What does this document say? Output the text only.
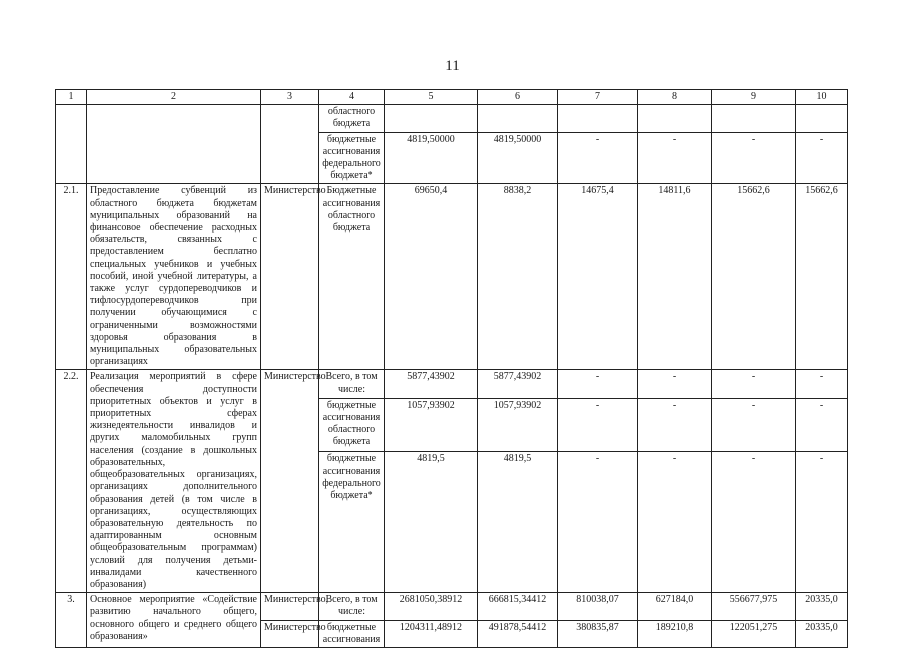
11
1	2	3	4	5	6	7	8	9	10
			областного бюджета						
			бюджетные ассигнования федерального бюджета*	4819,50000	4819,50000	-	-	-	-
2.1.	Предоставление субвенций из областного бюджета бюджетам муниципальных образований на финансовое обеспечение расходных обязательств, связанных с предоставлением бесплатно специальных учебников и учебных пособий, иной учебной литературы, а также услуг сурдопереводчиков и тифлосурдопереводчиков при получении обучающимися с ограниченными возможностями здоровья образования в муниципальных образовательных организациях	Министерство	Бюджетные ассигнования областного бюджета	69650,4	8838,2	14675,4	14811,6	15662,6	15662,6
2.2.	Реализация мероприятий в сфере обеспечения доступности приоритетных объектов и услуг в приоритетных сферах жизнедеятельности инвалидов и других маломобильных групп населения (создание в дошкольных образовательных, общеобразовательных организациях, организациях дополнительного образования детей (в том числе в организациях, осуществляющих образовательную деятельность по адаптированным основным общеобразовательным программам) условий для получения детьми-инвалидами качественного образования)	Министерство	Всего, в том числе:	5877,43902	5877,43902	-	-	-	-
			бюджетные ассигнования областного бюджета	1057,93902	1057,93902	-	-	-	-
			бюджетные ассигнования федерального бюджета*	4819,5	4819,5	-	-	-	-
3.	Основное мероприятие «Содействие развитию начального общего, основного общего и среднего общего образования»	Министерство,	Всего, в том числе:	2681050,38912	666815,34412	810038,07	627184,0	556677,975	20335,0
		Министерство	бюджетные ассигнования	1204311,48912	491878,54412	380835,87	189210,8	122051,275	20335,0
